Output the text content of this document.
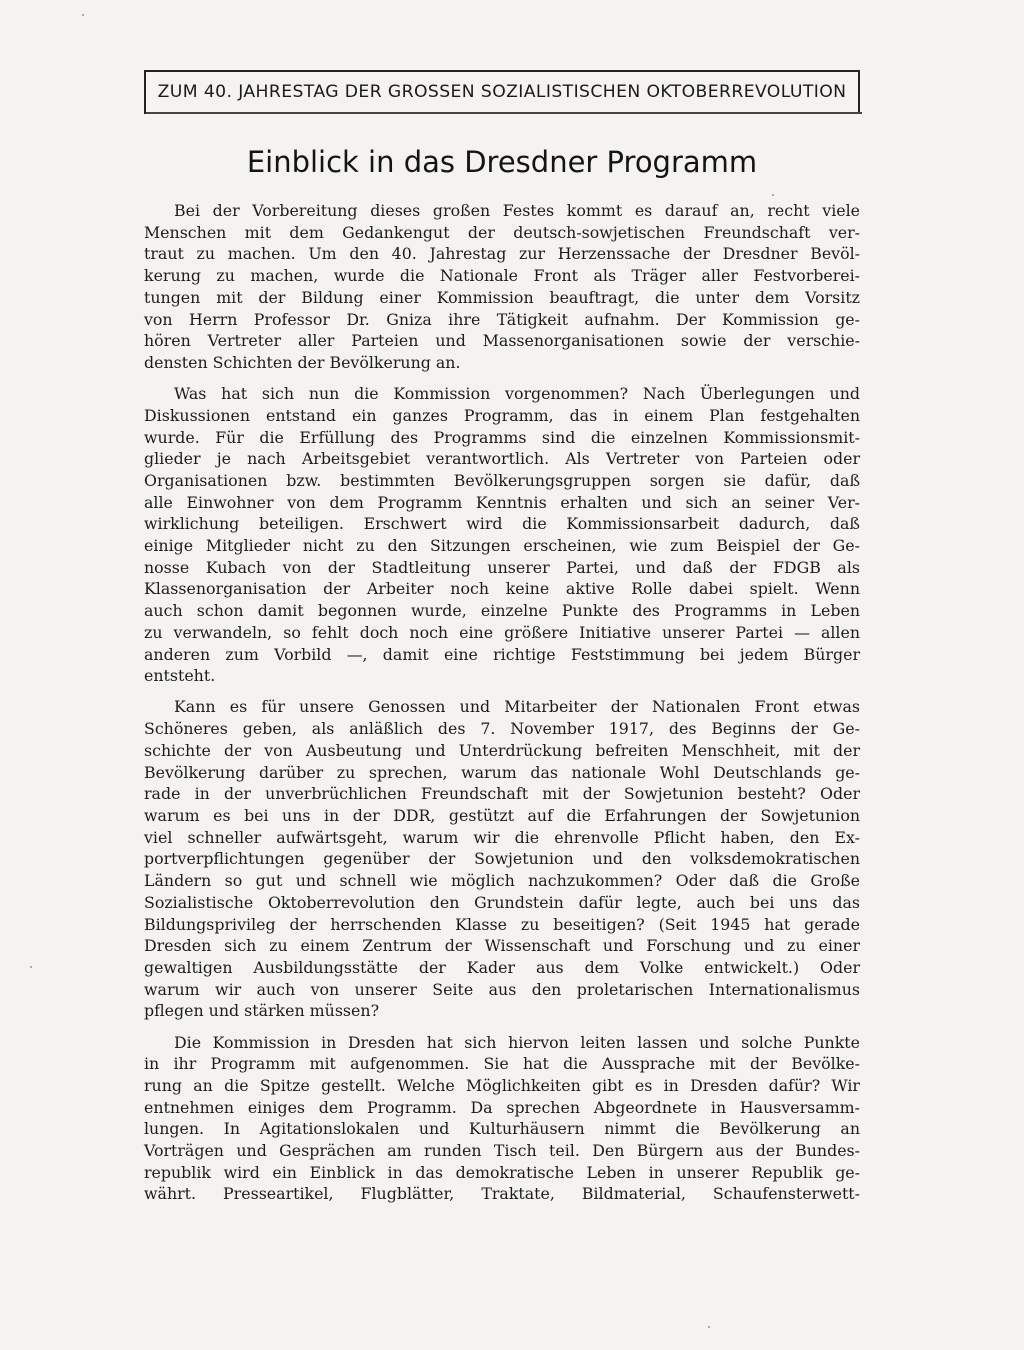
ZUM 40. JAHRESTAG DER GROSSEN SOZIALISTISCHEN OKTOBERREVOLUTION
Einblick in das Dresdner Programm
Bei der Vorbereitung dieses großen Festes kommt es darauf an, recht viele
Menschen mit dem Gedankengut der deutsch-sowjetischen Freundschaft ver-
traut zu machen. Um den 40. Jahrestag zur Herzenssache der Dresdner Bevöl-
kerung zu machen, wurde die Nationale Front als Träger aller Festvorberei-
tungen mit der Bildung einer Kommission beauftragt, die unter dem Vorsitz
von Herrn Professor Dr. Gniza ihre Tätigkeit aufnahm. Der Kommission ge-
hören Vertreter aller Parteien und Massenorganisationen sowie der verschie-
densten Schichten der Bevölkerung an.
Was hat sich nun die Kommission vorgenommen? Nach Überlegungen und
Diskussionen entstand ein ganzes Programm, das in einem Plan festgehalten
wurde. Für die Erfüllung des Programms sind die einzelnen Kommissionsmit-
glieder je nach Arbeitsgebiet verantwortlich. Als Vertreter von Parteien oder
Organisationen bzw. bestimmten Bevölkerungsgruppen sorgen sie dafür, daß
alle Einwohner von dem Programm Kenntnis erhalten und sich an seiner Ver-
wirklichung beteiligen. Erschwert wird die Kommissionsarbeit dadurch, daß
einige Mitglieder nicht zu den Sitzungen erscheinen, wie zum Beispiel der Ge-
nosse Kubach von der Stadtleitung unserer Partei, und daß der FDGB als
Klassenorganisation der Arbeiter noch keine aktive Rolle dabei spielt. Wenn
auch schon damit begonnen wurde, einzelne Punkte des Programms in Leben
zu verwandeln, so fehlt doch noch eine größere Initiative unserer Partei — allen
anderen zum Vorbild —, damit eine richtige Feststimmung bei jedem Bürger
entsteht.
Kann es für unsere Genossen und Mitarbeiter der Nationalen Front etwas
Schöneres geben, als anläßlich des 7. November 1917, des Beginns der Ge-
schichte der von Ausbeutung und Unterdrückung befreiten Menschheit, mit der
Bevölkerung darüber zu sprechen, warum das nationale Wohl Deutschlands ge-
rade in der unverbrüchlichen Freundschaft mit der Sowjetunion besteht? Oder
warum es bei uns in der DDR, gestützt auf die Erfahrungen der Sowjetunion
viel schneller aufwärtsgeht, warum wir die ehrenvolle Pflicht haben, den Ex-
portverpflichtungen gegenüber der Sowjetunion und den volksdemokratischen
Ländern so gut und schnell wie möglich nachzukommen? Oder daß die Große
Sozialistische Oktoberrevolution den Grundstein dafür legte, auch bei uns das
Bildungsprivileg der herrschenden Klasse zu beseitigen? (Seit 1945 hat gerade
Dresden sich zu einem Zentrum der Wissenschaft und Forschung und zu einer
gewaltigen Ausbildungsstätte der Kader aus dem Volke entwickelt.) Oder
warum wir auch von unserer Seite aus den proletarischen Internationalismus
pflegen und stärken müssen?
Die Kommission in Dresden hat sich hiervon leiten lassen und solche Punkte
in ihr Programm mit aufgenommen. Sie hat die Aussprache mit der Bevölke-
rung an die Spitze gestellt. Welche Möglichkeiten gibt es in Dresden dafür? Wir
entnehmen einiges dem Programm. Da sprechen Abgeordnete in Hausversamm-
lungen. In Agitationslokalen und Kulturhäusern nimmt die Bevölkerung an
Vorträgen und Gesprächen am runden Tisch teil. Den Bürgern aus der Bundes-
republik wird ein Einblick in das demokratische Leben in unserer Republik ge-
währt. Presseartikel, Flugblätter, Traktate, Bildmaterial, Schaufensterwett-
